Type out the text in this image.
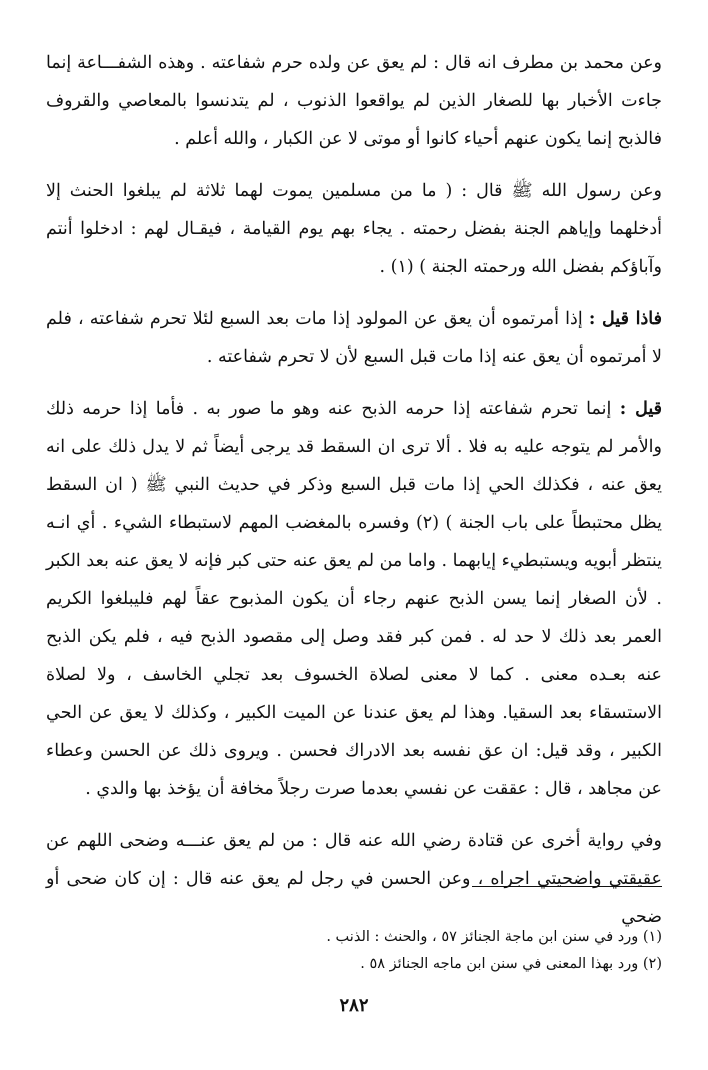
وعن محمد بن مطرف انه قال : لم يعق عن ولده حرم شفاعته . وهذه الشفـــاعة إنما جاءت الأخبار بها للصغار الذين لم يواقعوا الذنوب ، لم يتدنسوا بالمعاصي والقروف فالذبح إنما يكون عنهم أحياء كانوا أو موتى لا عن الكبار ، والله أعلم .

وعن رسول الله ﷺ قال : ( ما من مسلمين يموت لهما ثلاثة لم يبلغوا الحنث إلا أدخلهما وإياهم الجنة بفضل رحمته . يجاء بهم يوم القيامة ، فيقـال لهم : ادخلوا أنتم وآباؤكم بفضل الله ورحمته الجنة ) (١) .

فاذا قيل : إذا أمرتموه أن يعق عن المولود إذا مات بعد السبع لئلا تحرم شفاعته ، فلم لا أمرتموه أن يعق عنه إذا مات قبل السبع لأن لا تحرم شفاعته .

قيل : إنما تحرم شفاعته إذا حرمه الذبح عنه وهو ما صور به . فأما إذا حرمه ذلك والأمر لم يتوجه عليه به فلا . ألا ترى ان السقط قد يرجى أيضاً ثم لا يدل ذلك على انه يعق عنه ، فكذلك الحي إذا مات قبل السبع وذكر في حديث النبي ﷺ ( ان السقط يظل محتبطاً على باب الجنة ) (٢) وفسره بالمغضب المهم لاستبطاء الشيء . أي انـه ينتظر أبويه ويستبطيء إيابهما . واما من لم يعق عنه حتى كبر فإنه لا يعق عنه بعد الكبر . لأن الصغار إنما يسن الذبح عنهم رجاء أن يكون المذبوح عقاً لهم فليبلغوا الكريم العمر بعد ذلك لا حد له . فمن كبر فقد وصل إلى مقصود الذبح فيه ، فلم يكن الذبح عنه بعـده معنى . كما لا معنى لصلاة الخسوف بعد تجلي الخاسف ، ولا لصلاة الاستسقاء بعد السقيا. وهذا لم يعق عندنا عن الميت الكبير ، وكذلك لا يعق عن الحي الكبير ، وقد قيل: ان عق نفسه بعد الادراك فحسن . ويروى ذلك عن الحسن وعطاء عن مجاهد ، قال : عققت عن نفسي بعدما صرت رجلاً مخافة أن يؤخذ بها والدي .

وفي رواية أخرى عن قتادة رضي الله عنه قال : من لم يعق عنـــه وضحى اللهم عن عقيقتي واضحيتي اجراه ، وعن الحسن في رجل لم يعق عنه قال : إن كان ضحى أو ضحي

(١) ورد في سنن ابن ماجة الجنائز ٥٧ ، والحنث : الذنب .

(٢) ورد بهذا المعنى في سنن ابن ماجه الجنائز ٥٨ .

٢٨٢
